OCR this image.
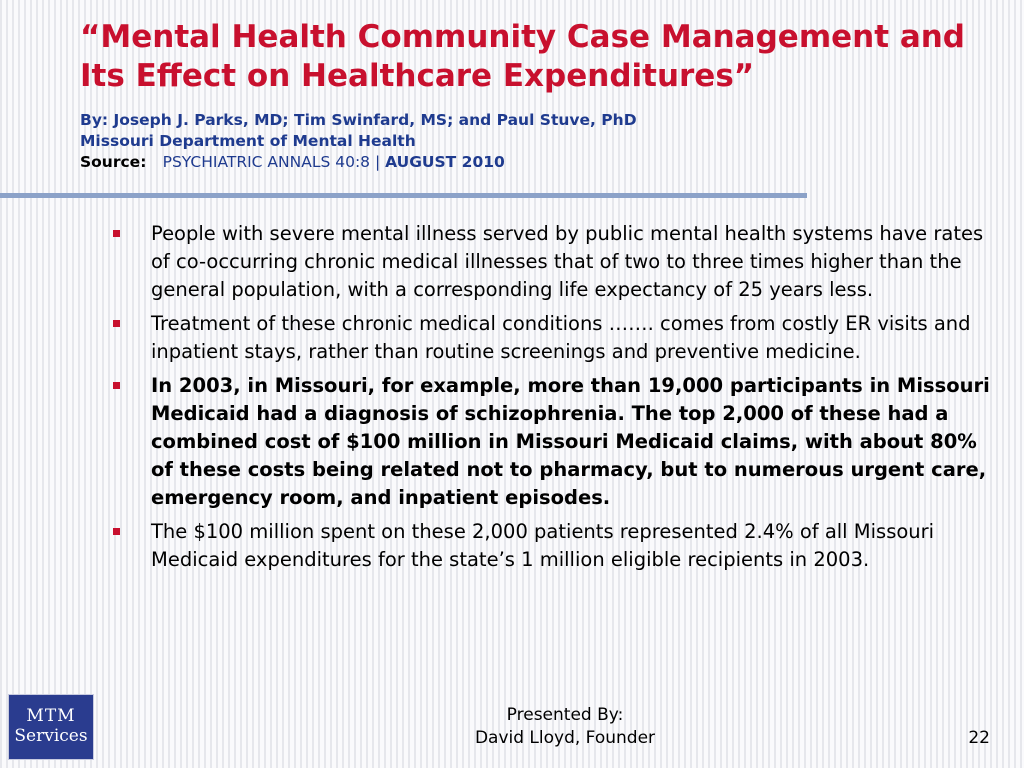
“Mental Health Community Case Management and Its Effect on Healthcare Expenditures”
By: Joseph J. Parks, MD; Tim Swinfard, MS; and Paul Stuve, PhD
Missouri Department of Mental Health
Source: PSYCHIATRIC ANNALS 40:8 | AUGUST 2010
People with severe mental illness served by public mental health systems have rates of co-occurring chronic medical illnesses that of two to three times higher than the general population, with a corresponding life expectancy of 25 years less.
Treatment of these chronic medical conditions ……. comes from costly ER visits and inpatient stays, rather than routine screenings and preventive medicine.
In 2003, in Missouri, for example, more than 19,000 participants in Missouri Medicaid had a diagnosis of schizophrenia. The top 2,000 of these had a combined cost of $100 million in Missouri Medicaid claims, with about 80% of these costs being related not to pharmacy, but to numerous urgent care, emergency room, and inpatient episodes.
The $100 million spent on these 2,000 patients represented 2.4% of all Missouri Medicaid expenditures for the state’s 1 million eligible recipients in 2003.
MTM
Services
Presented By:
David Lloyd, Founder	22
